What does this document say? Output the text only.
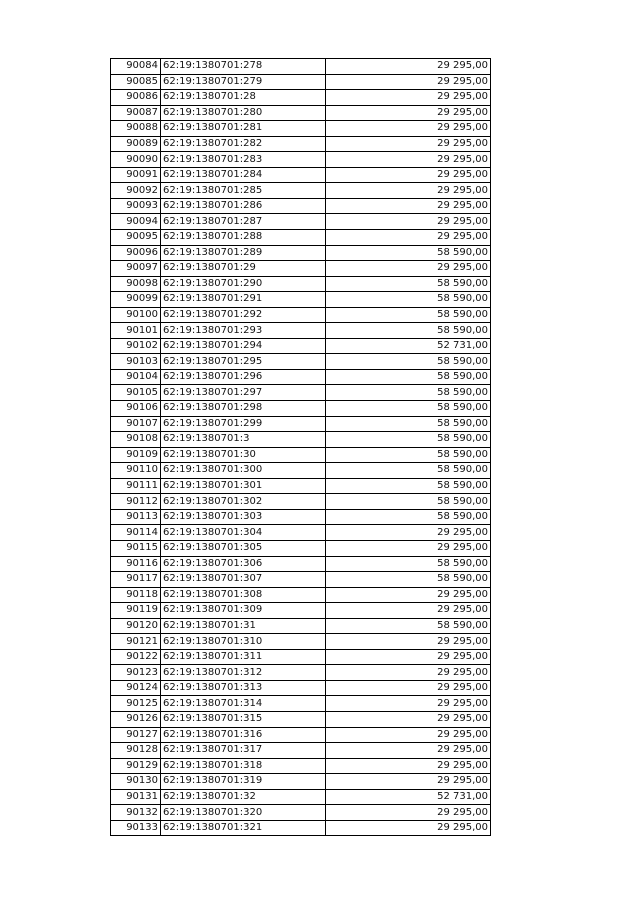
90084	62:19:1380701:278	29 295,00
90085	62:19:1380701:279	29 295,00
90086	62:19:1380701:28	29 295,00
90087	62:19:1380701:280	29 295,00
90088	62:19:1380701:281	29 295,00
90089	62:19:1380701:282	29 295,00
90090	62:19:1380701:283	29 295,00
90091	62:19:1380701:284	29 295,00
90092	62:19:1380701:285	29 295,00
90093	62:19:1380701:286	29 295,00
90094	62:19:1380701:287	29 295,00
90095	62:19:1380701:288	29 295,00
90096	62:19:1380701:289	58 590,00
90097	62:19:1380701:29	29 295,00
90098	62:19:1380701:290	58 590,00
90099	62:19:1380701:291	58 590,00
90100	62:19:1380701:292	58 590,00
90101	62:19:1380701:293	58 590,00
90102	62:19:1380701:294	52 731,00
90103	62:19:1380701:295	58 590,00
90104	62:19:1380701:296	58 590,00
90105	62:19:1380701:297	58 590,00
90106	62:19:1380701:298	58 590,00
90107	62:19:1380701:299	58 590,00
90108	62:19:1380701:3	58 590,00
90109	62:19:1380701:30	58 590,00
90110	62:19:1380701:300	58 590,00
90111	62:19:1380701:301	58 590,00
90112	62:19:1380701:302	58 590,00
90113	62:19:1380701:303	58 590,00
90114	62:19:1380701:304	29 295,00
90115	62:19:1380701:305	29 295,00
90116	62:19:1380701:306	58 590,00
90117	62:19:1380701:307	58 590,00
90118	62:19:1380701:308	29 295,00
90119	62:19:1380701:309	29 295,00
90120	62:19:1380701:31	58 590,00
90121	62:19:1380701:310	29 295,00
90122	62:19:1380701:311	29 295,00
90123	62:19:1380701:312	29 295,00
90124	62:19:1380701:313	29 295,00
90125	62:19:1380701:314	29 295,00
90126	62:19:1380701:315	29 295,00
90127	62:19:1380701:316	29 295,00
90128	62:19:1380701:317	29 295,00
90129	62:19:1380701:318	29 295,00
90130	62:19:1380701:319	29 295,00
90131	62:19:1380701:32	52 731,00
90132	62:19:1380701:320	29 295,00
90133	62:19:1380701:321	29 295,00
